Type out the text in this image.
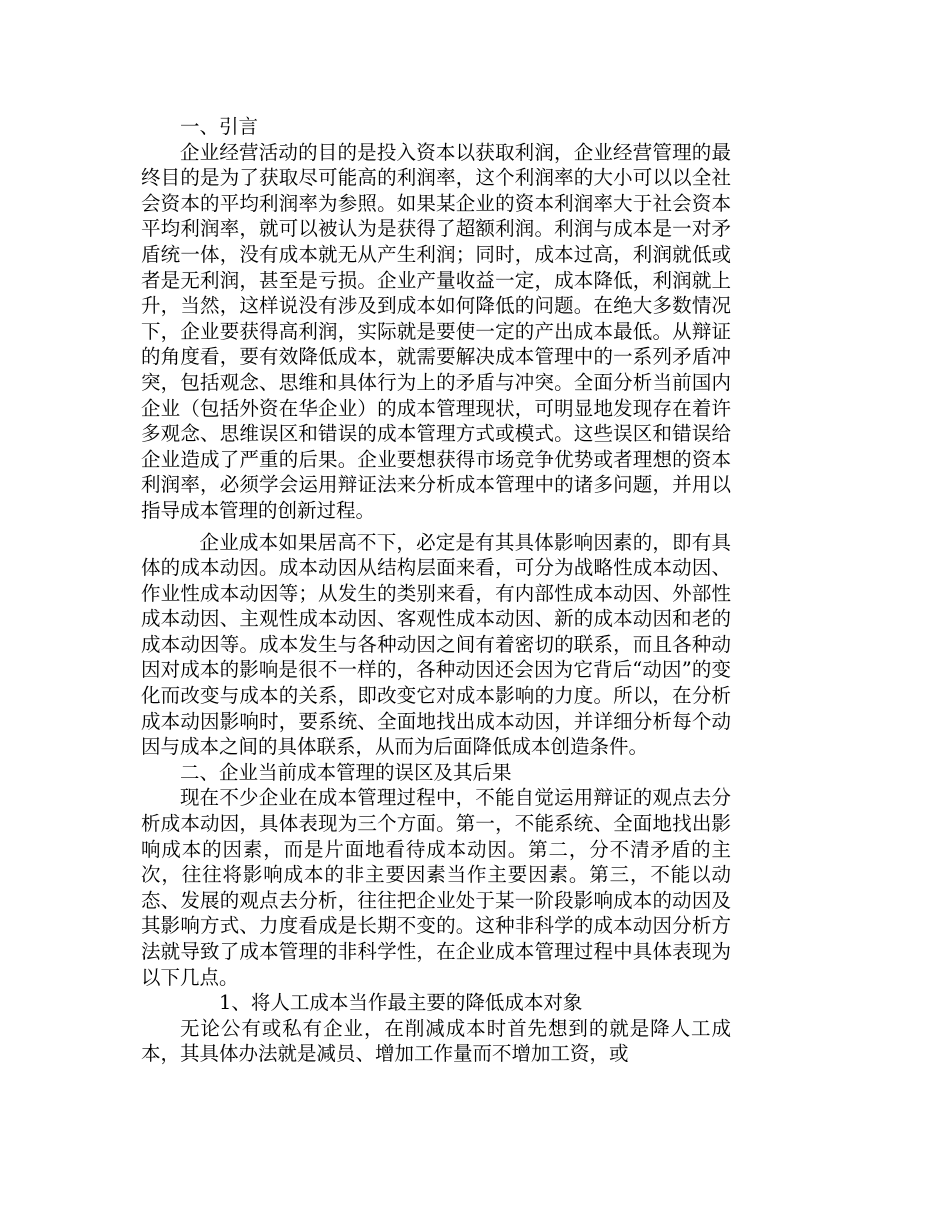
一、引言

企业经营活动的目的是投入资本以获取利润，企业经营管理的最终目的是为了获取尽可能高的利润率，这个利润率的大小可以以全社会资本的平均利润率为参照。如果某企业的资本利润率大于社会资本平均利润率，就可以被认为是获得了超额利润。利润与成本是一对矛盾统一体，没有成本就无从产生利润；同时，成本过高，利润就低或者是无利润，甚至是亏损。企业产量收益一定，成本降低，利润就上升，当然，这样说没有涉及到成本如何降低的问题。在绝大多数情况下，企业要获得高利润，实际就是要使一定的产出成本最低。从辩证的角度看，要有效降低成本，就需要解决成本管理中的一系列矛盾冲突，包括观念、思维和具体行为上的矛盾与冲突。全面分析当前国内企业（包括外资在华企业）的成本管理现状，可明显地发现存在着许多观念、思维误区和错误的成本管理方式或模式。这些误区和错误给企业造成了严重的后果。企业要想获得市场竞争优势或者理想的资本利润率，必须学会运用辩证法来分析成本管理中的诸多问题，并用以指导成本管理的创新过程。

企业成本如果居高不下，必定是有其具体影响因素的，即有具体的成本动因。成本动因从结构层面来看，可分为战略性成本动因、作业性成本动因等；从发生的类别来看，有内部性成本动因、外部性成本动因、主观性成本动因、客观性成本动因、新的成本动因和老的成本动因等。成本发生与各种动因之间有着密切的联系，而且各种动因对成本的影响是很不一样的，各种动因还会因为它背后“动因”的变化而改变与成本的关系，即改变它对成本影响的力度。所以，在分析成本动因影响时，要系统、全面地找出成本动因，并详细分析每个动因与成本之间的具体联系，从而为后面降低成本创造条件。

二、企业当前成本管理的误区及其后果

现在不少企业在成本管理过程中，不能自觉运用辩证的观点去分析成本动因，具体表现为三个方面。第一，不能系统、全面地找出影响成本的因素，而是片面地看待成本动因。第二，分不清矛盾的主次，往往将影响成本的非主要因素当作主要因素。第三，不能以动态、发展的观点去分析，往往把企业处于某一阶段影响成本的动因及其影响方式、力度看成是长期不变的。这种非科学的成本动因分析方法就导致了成本管理的非科学性，在企业成本管理过程中具体表现为以下几点。

1、将人工成本当作最主要的降低成本对象

无论公有或私有企业，在削减成本时首先想到的就是降人工成本，其具体办法就是减员、增加工作量而不增加工资，或
